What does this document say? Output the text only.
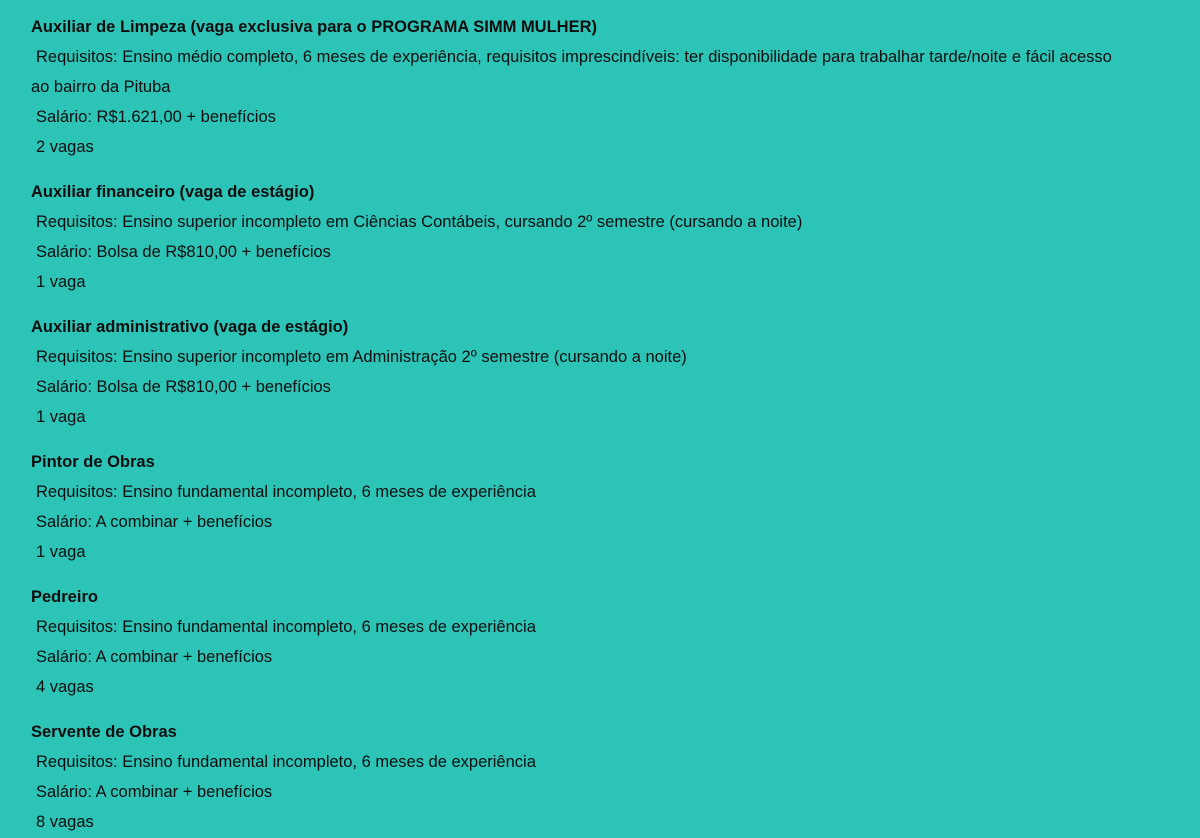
Auxiliar de Limpeza (vaga exclusiva para o PROGRAMA SIMM MULHER)
Requisitos: Ensino médio completo, 6 meses de experiência, requisitos imprescindíveis: ter disponibilidade para trabalhar tarde/noite e fácil acesso ao bairro da Pituba
Salário: R$1.621,00 + benefícios
2 vagas
Auxiliar financeiro (vaga de estágio)
Requisitos: Ensino superior incompleto em Ciências Contábeis, cursando 2º semestre (cursando a noite)
Salário: Bolsa de R$810,00 + benefícios
1 vaga
Auxiliar administrativo (vaga de estágio)
Requisitos: Ensino superior incompleto em Administração 2º semestre (cursando a noite)
Salário: Bolsa de R$810,00 + benefícios
1 vaga
Pintor de Obras
Requisitos: Ensino fundamental incompleto, 6 meses de experiência
Salário: A combinar + benefícios
1 vaga
Pedreiro
Requisitos: Ensino fundamental incompleto, 6 meses de experiência
Salário: A combinar + benefícios
4 vagas
Servente de Obras
Requisitos: Ensino fundamental incompleto, 6 meses de experiência
Salário: A combinar + benefícios
8 vagas
